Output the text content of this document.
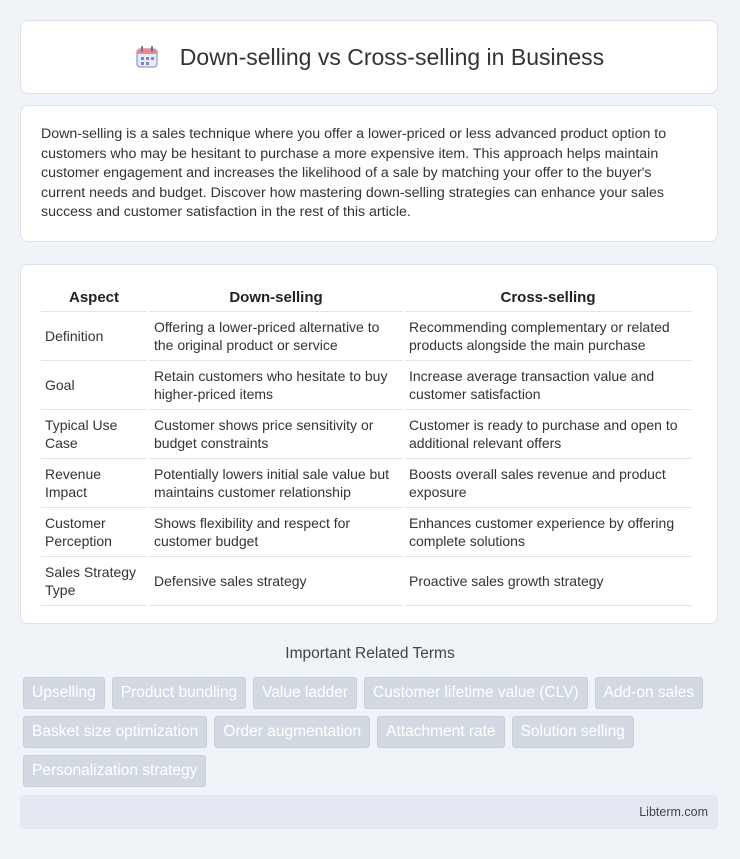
Down-selling vs Cross-selling in Business

Down-selling is a sales technique where you offer a lower-priced or less advanced product option to customers who may be hesitant to purchase a more expensive item. This approach helps maintain customer engagement and increases the likelihood of a sale by matching your offer to the buyer's current needs and budget. Discover how mastering down-selling strategies can enhance your sales success and customer satisfaction in the rest of this article.

Aspect	Down-selling	Cross-selling
Definition	Offering a lower-priced alternative to the original product or service	Recommending complementary or related products alongside the main purchase
Goal	Retain customers who hesitate to buy higher-priced items	Increase average transaction value and customer satisfaction
Typical Use Case	Customer shows price sensitivity or budget constraints	Customer is ready to purchase and open to additional relevant offers
Revenue Impact	Potentially lowers initial sale value but maintains customer relationship	Boosts overall sales revenue and product exposure
Customer Perception	Shows flexibility and respect for customer budget	Enhances customer experience by offering complete solutions
Sales Strategy Type	Defensive sales strategy	Proactive sales growth strategy
Important Related Terms
Upselling	Product bundling	Value ladder	Customer lifetime value (CLV)	Add-on sales
Basket size optimization	Order augmentation	Attachment rate	Solution selling
Personalization strategy
Libterm.com
